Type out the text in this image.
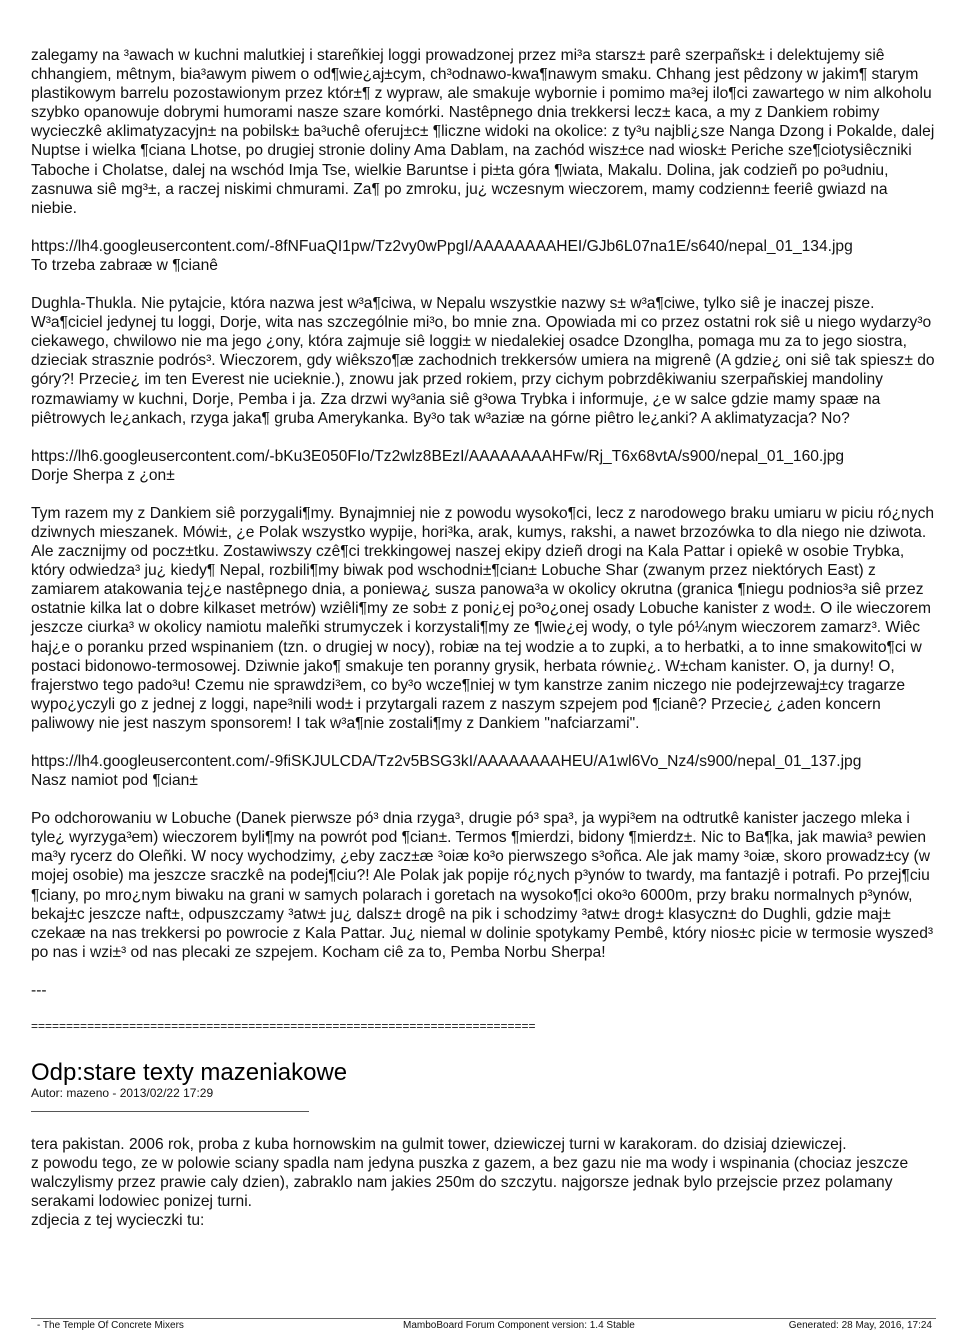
zalegamy na ³awach w kuchni malutkiej i stareñkiej loggi prowadzonej przez mi³a starsz± parê szerpañsk± i delektujemy siê chhangiem, mêtnym, bia³awym piwem o od¶wie¿aj±cym, ch³odnawo-kwa¶nawym smaku. Chhang jest pêdzony w jakim¶ starym plastikowym barrelu pozostawionym przez któr±¶ z wypraw, ale smakuje wybornie i pomimo ma³ej ilo¶ci zawartego w nim alkoholu szybko opanowuje dobrymi humorami nasze szare komórki. Nastêpnego dnia trekkersi lecz± kaca, a my z Dankiem robimy wycieczkê aklimatyzacyjn± na pobilsk± ba³uchê oferuj±c± ¶liczne widoki na okolice: z ty³u najbli¿sze Nanga Dzong i Pokalde, dalej Nuptse i wielka ¶ciana Lhotse, po drugiej stronie doliny Ama Dablam, na zachód wisz±ce nad wiosk± Periche sze¶ciotysiêczniki Taboche i Cholatse, dalej na wschód Imja Tse, wielkie Baruntse i pi±ta góra ¶wiata, Makalu. Dolina, jak codzieñ po po³udniu, zasnuwa siê mg³±, a raczej niskimi chmurami. Za¶ po zmroku, ju¿ wczesnym wieczorem, mamy codzienn± feeriê gwiazd na niebie.

https://lh4.googleusercontent.com/-8fNFuaQI1pw/Tz2vy0wPpgI/AAAAAAAAHEI/GJb6L07na1E/s640/nepal_01_134.jpg

To trzeba zabraæ w ¶cianê

Dughla-Thukla. Nie pytajcie, która nazwa jest w³a¶ciwa, w Nepalu wszystkie nazwy s± w³a¶ciwe, tylko siê je inaczej pisze. W³a¶ciciel jedynej tu loggi, Dorje, wita nas szczególnie mi³o, bo mnie zna. Opowiada mi co przez ostatni rok siê u niego wydarzy³o ciekawego, chwilowo nie ma jego ¿ony, która zajmuje siê loggi± w niedalekiej osadce Dzonglha, pomaga mu za to jego siostra, dzieciak strasznie podrós³. Wieczorem, gdy wiêkszo¶æ zachodnich trekkersów umiera na migrenê (A gdzie¿ oni siê tak spiesz± do góry?! Przecie¿ im ten Everest nie ucieknie.), znowu jak przed rokiem, przy cichym pobrzdêkiwaniu szerpañskiej mandoliny rozmawiamy w kuchni, Dorje, Pemba i ja. Zza drzwi wy³ania siê g³owa Trybka i informuje, ¿e w salce gdzie mamy spaæ na piêtrowych le¿ankach, rzyga jaka¶ gruba Amerykanka. By³o tak w³aziæ na górne piêtro le¿anki? A aklimatyzacja? No?

https://lh6.googleusercontent.com/-bKu3E050FIo/Tz2wlz8BEzI/AAAAAAAAHFw/Rj_T6x68vtA/s900/nepal_01_160.jpg

Dorje Sherpa z ¿on±

Tym razem my z Dankiem siê porzygali¶my. Bynajmniej nie z powodu wysoko¶ci, lecz z narodowego braku umiaru w piciu ró¿nych dziwnych mieszanek. Mówi±, ¿e Polak wszystko wypije, hori³ka, arak, kumys, rakshi, a nawet brzozówka to dla niego nie dziwota. Ale zacznijmy od pocz±tku. Zostawiwszy czê¶ci trekkingowej naszej ekipy dzieñ drogi na Kala Pattar i opiekê w osobie Trybka, który odwiedza³ ju¿ kiedy¶ Nepal, rozbili¶my biwak pod wschodni±¶cian± Lobuche Shar (zwanym przez niektórych East) z zamiarem atakowania tej¿e nastêpnego dnia, a poniewa¿ susza panowa³a w okolicy okrutna (granica ¶niegu podnios³a siê przez ostatnie kilka lat o dobre kilkaset metrów) wziêli¶my ze sob± z poni¿ej po³o¿onej osady Lobuche kanister z wod±. O ile wieczorem jeszcze ciurka³ w okolicy namiotu maleñki strumyczek i korzystali¶my ze ¶wie¿ej wody, o tyle pó¼nym wieczorem zamarz³. Wiêc haj¿e o poranku przed wspinaniem (tzn. o drugiej w nocy), robiæ na tej wodzie a to zupki, a to herbatki, a to inne smakowito¶ci w postaci bidonowo-termosowej. Dziwnie jako¶ smakuje ten poranny grysik, herbata równie¿. W±cham kanister. O, ja durny! O, frajerstwo tego pado³u! Czemu nie sprawdzi³em, co by³o wcze¶niej w tym kanstrze zanim niczego nie podejrzewaj±cy tragarze wypo¿yczyli go z jednej z loggi, nape³nili wod± i przytargali razem z naszym szpejem pod ¶cianê? Przecie¿ ¿aden koncern paliwowy nie jest naszym sponsorem! I tak w³a¶nie zostali¶my z Dankiem "nafciarzami".

https://lh4.googleusercontent.com/-9fiSKJULCDA/Tz2v5BSG3kI/AAAAAAAAHEU/A1wl6Vo_Nz4/s900/nepal_01_137.jpg

Nasz namiot pod ¶cian±

Po odchorowaniu w Lobuche (Danek pierwsze pó³ dnia rzyga³, drugie pó³ spa³, ja wypi³em na odtrutkê kanister jaczego mleka i tyle¿ wyrzyga³em) wieczorem byli¶my na powrót pod ¶cian±. Termos ¶mierdzi, bidony ¶mierdz±. Nic to Ba¶ka, jak mawia³ pewien ma³y rycerz do Oleñki. W nocy wychodzimy, ¿eby zacz±æ ³oiæ ko³o pierwszego s³oñca. Ale jak mamy ³oiæ, skoro prowadz±cy (w mojej osobie) ma jeszcze sraczkê na podej¶ciu?! Ale Polak jak popije ró¿nych p³ynów to twardy, ma fantazjê i potrafi. Po przej¶ciu ¶ciany, po mro¿nym biwaku na grani w samych polarach i goretach na wysoko¶ci oko³o 6000m, przy braku normalnych p³ynów, bekaj±c jeszcze naft±, odpuszczamy ³atw± ju¿ dalsz± drogê na pik i schodzimy ³atw± drog± klasyczn± do Dughli, gdzie maj± czekaæ na nas trekkersi po powrocie z Kala Pattar. Ju¿ niemal w dolinie spotykamy Pembê, który nios±c picie w termosie wyszed³ po nas i wzi±³ od nas plecaki ze szpejem. Kocham ciê za to, Pemba Norbu Sherpa!

---

========================================================================

Odp:stare texty mazeniakowe

Autor: mazeno - 2013/02/22 17:29

tera pakistan. 2006 rok, proba z kuba hornowskim na gulmit tower, dziewiczej turni w karakoram. do dzisiaj dziewiczej.
z powodu tego, ze w polowie sciany spadla nam jedyna puszka z gazem, a bez gazu nie ma wody i wspinania (chociaz jeszcze walczylismy przez prawie caly dzien), zabraklo nam jakies 250m do szczytu. najgorsze jednak bylo przejscie przez polamany serakami lodowiec ponizej turni.
zdjecia z tej wycieczki tu:

- The Temple Of Concrete Mixers	MamboBoard Forum Component version: 1.4 Stable	Generated: 28 May, 2016, 17:24
